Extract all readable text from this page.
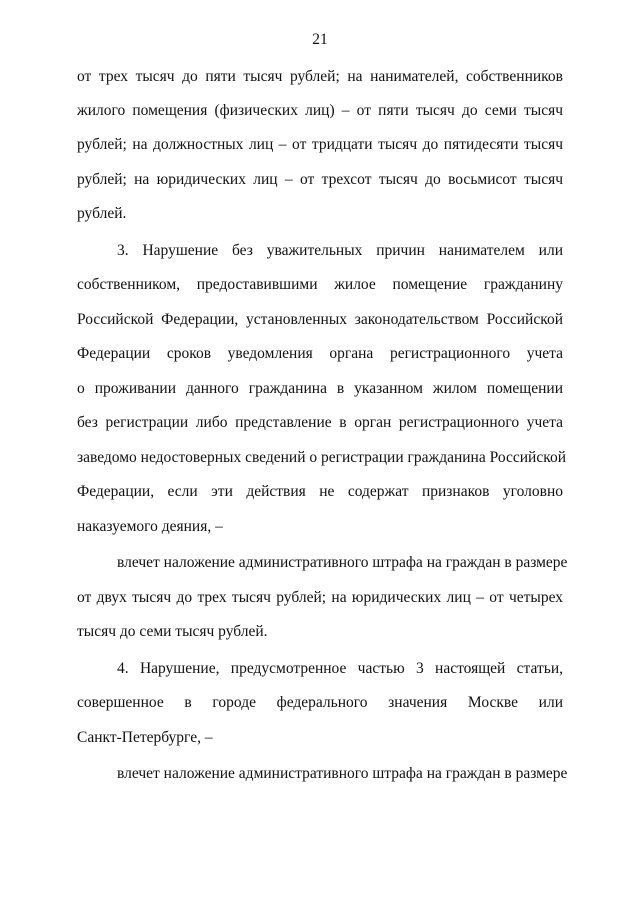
21
от трех тысяч до пяти тысяч рублей; на нанимателей, собственников
жилого помещения (физических лиц) – от пяти тысяч до семи тысяч
рублей; на должностных лиц – от тридцати тысяч до пятидесяти тысяч
рублей; на юридических лиц – от трехсот тысяч до восьмисот тысяч
рублей.
3. Нарушение без уважительных причин нанимателем или
собственником, предоставившими жилое помещение гражданину
Российской Федерации, установленных законодательством Российской
Федерации сроков уведомления органа регистрационного учета
о проживании данного гражданина в указанном жилом помещении
без регистрации либо представление в орган регистрационного учета
заведомо недостоверных сведений о регистрации гражданина Российской
Федерации, если эти действия не содержат признаков уголовно
наказуемого деяния, –
влечет наложение административного штрафа на граждан в размере
от двух тысяч до трех тысяч рублей; на юридических лиц – от четырех
тысяч до семи тысяч рублей.
4. Нарушение, предусмотренное частью 3 настоящей статьи,
совершенное в городе федерального значения Москве или
Санкт-Петербурге, –
влечет наложение административного штрафа на граждан в размере
